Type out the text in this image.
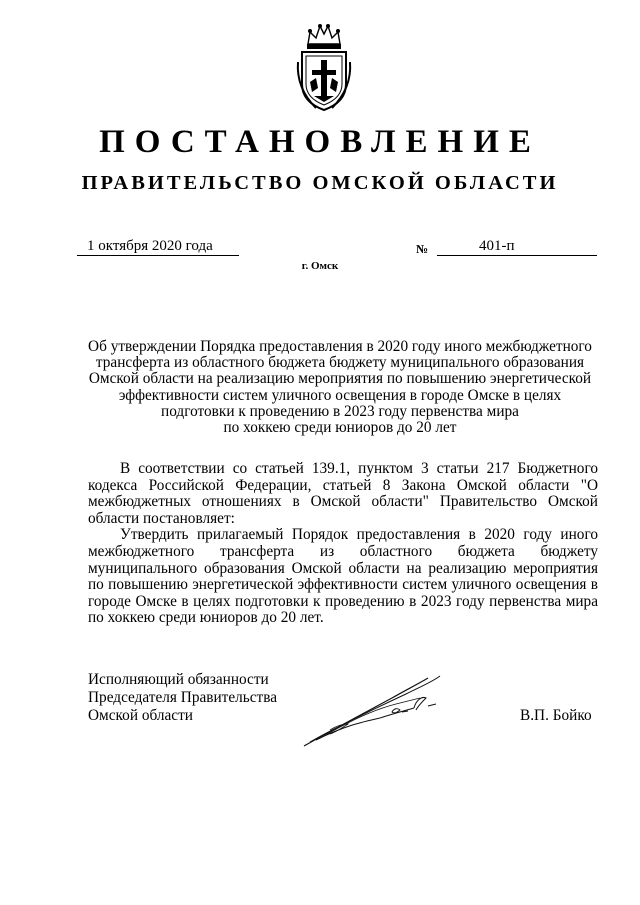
ПОСТАНОВЛЕНИЕ
ПРАВИТЕЛЬСТВО ОМСКОЙ ОБЛАСТИ
1 октября 2020 года	№	401-п
г. Омск
Об утверждении Порядка предоставления в 2020 году иного межбюджетного
трансферта из областного бюджета бюджету муниципального образования
Омской области на реализацию мероприятия по повышению энергетической
эффективности систем уличного освещения в городе Омске в целях
подготовки к проведению в 2023 году первенства мира
по хоккею среди юниоров до 20 лет

В соответствии со статьей 139.1, пунктом 3 статьи 217 Бюджетного кодекса Российской Федерации, статьей 8 Закона Омской области "О межбюджетных отношениях в Омской области" Правительство Омской области постановляет:

Утвердить прилагаемый Порядок предоставления в 2020 году иного межбюджетного трансферта из областного бюджета бюджету муниципального образования Омской области на реализацию мероприятия по повышению энергетической эффективности систем уличного освещения в городе Омске в целях подготовки к проведению в 2023 году первенства мира по хоккею среди юниоров до 20 лет.

Исполняющий обязанности
Председателя Правительства
Омской области	В.П. Бойко
